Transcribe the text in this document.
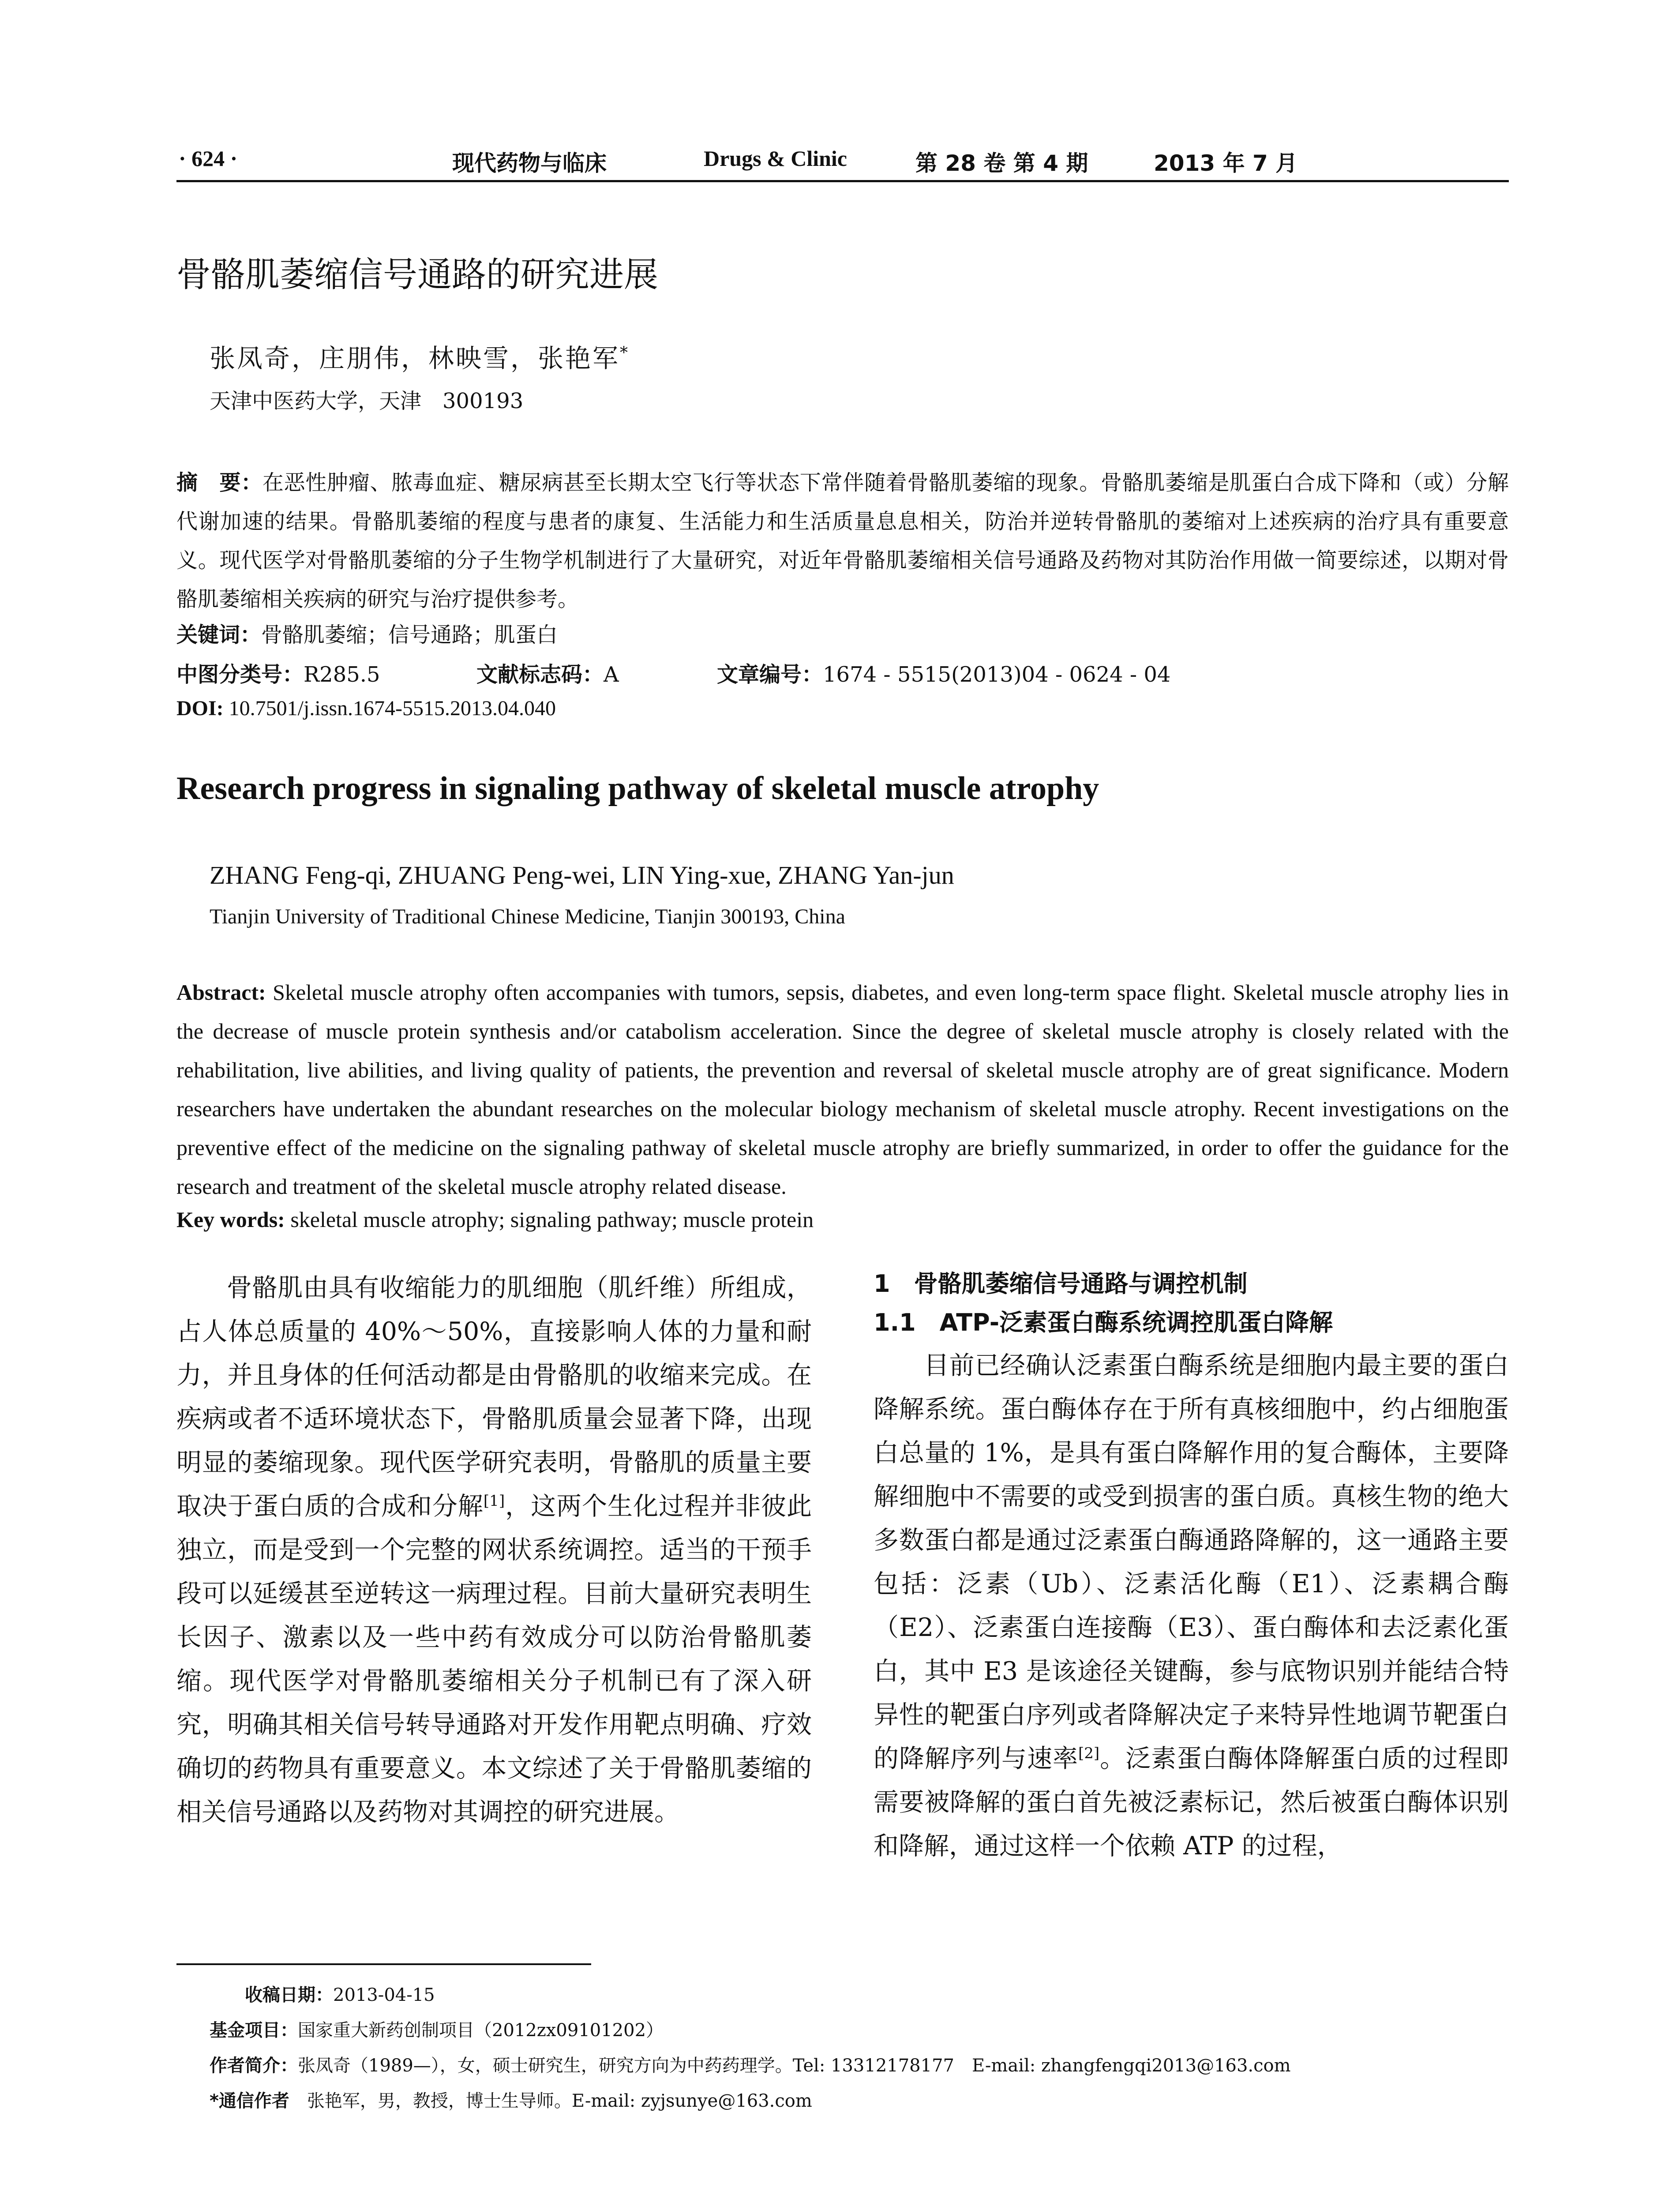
· 624 ·	现代药物与临床	Drugs & Clinic	第 28 卷 第 4 期	2013 年 7 月
骨骼肌萎缩信号通路的研究进展
张凤奇，庄朋伟，林映雪，张艳军*
天津中医药大学，天津　300193
摘　要：在恶性肿瘤、脓毒血症、糖尿病甚至长期太空飞行等状态下常伴随着骨骼肌萎缩的现象。骨骼肌萎缩是肌蛋白合成下降和（或）分解代谢加速的结果。骨骼肌萎缩的程度与患者的康复、生活能力和生活质量息息相关，防治并逆转骨骼肌的萎缩对上述疾病的治疗具有重要意义。现代医学对骨骼肌萎缩的分子生物学机制进行了大量研究，对近年骨骼肌萎缩相关信号通路及药物对其防治作用做一简要综述，以期对骨骼肌萎缩相关疾病的研究与治疗提供参考。
关键词：骨骼肌萎缩；信号通路；肌蛋白
中图分类号：R285.5	文献标志码：A	文章编号：1674 - 5515(2013)04 - 0624 - 04
DOI: 10.7501/j.issn.1674-5515.2013.04.040
Research progress in signaling pathway of skeletal muscle atrophy
ZHANG Feng-qi, ZHUANG Peng-wei, LIN Ying-xue, ZHANG Yan-jun
Tianjin University of Traditional Chinese Medicine, Tianjin 300193, China
Abstract: Skeletal muscle atrophy often accompanies with tumors, sepsis, diabetes, and even long-term space flight. Skeletal muscle atrophy lies in the decrease of muscle protein synthesis and/or catabolism acceleration. Since the degree of skeletal muscle atrophy is closely related with the rehabilitation, live abilities, and living quality of patients, the prevention and reversal of skeletal muscle atrophy are of great significance. Modern researchers have undertaken the abundant researches on the molecular biology mechanism of skeletal muscle atrophy. Recent investigations on the preventive effect of the medicine on the signaling pathway of skeletal muscle atrophy are briefly summarized, in order to offer the guidance for the research and treatment of the skeletal muscle atrophy related disease.
Key words: skeletal muscle atrophy; signaling pathway; muscle protein

骨骼肌由具有收缩能力的肌细胞（肌纤维）所组成，占人体总质量的 40%～50%，直接影响人体的力量和耐力，并且身体的任何活动都是由骨骼肌的收缩来完成。在疾病或者不适环境状态下，骨骼肌质量会显著下降，出现明显的萎缩现象。现代医学研究表明，骨骼肌的质量主要取决于蛋白质的合成和分解[1]，这两个生化过程并非彼此独立，而是受到一个完整的网状系统调控。适当的干预手段可以延缓甚至逆转这一病理过程。目前大量研究表明生长因子、激素以及一些中药有效成分可以防治骨骼肌萎缩。现代医学对骨骼肌萎缩相关分子机制已有了深入研究，明确其相关信号转导通路对开发作用靶点明确、疗效确切的药物具有重要意义。本文综述了关于骨骼肌萎缩的相关信号通路以及药物对其调控的研究进展。

1　骨骼肌萎缩信号通路与调控机制
1.1　ATP-泛素蛋白酶系统调控肌蛋白降解

目前已经确认泛素蛋白酶系统是细胞内最主要的蛋白降解系统。蛋白酶体存在于所有真核细胞中，约占细胞蛋白总量的 1%，是具有蛋白降解作用的复合酶体，主要降解细胞中不需要的或受到损害的蛋白质。真核生物的绝大多数蛋白都是通过泛素蛋白酶通路降解的，这一通路主要包括：泛素（Ub）、泛素活化酶（E1）、泛素耦合酶（E2）、泛素蛋白连接酶（E3）、蛋白酶体和去泛素化蛋白，其中 E3 是该途径关键酶，参与底物识别并能结合特异性的靶蛋白序列或者降解决定子来特异性地调节靶蛋白的降解序列与速率[2]。泛素蛋白酶体降解蛋白质的过程即需要被降解的蛋白首先被泛素标记，然后被蛋白酶体识别和降解，通过这样一个依赖 ATP 的过程，

收稿日期：2013-04-15
基金项目：国家重大新药创制项目（2012zx09101202）
作者简介：张凤奇（1989—），女，硕士研究生，研究方向为中药药理学。Tel: 13312178177　E-mail: zhangfengqi2013@163.com
*通信作者　 张艳军，男，教授，博士生导师。E-mail: zyjsunye@163.com
